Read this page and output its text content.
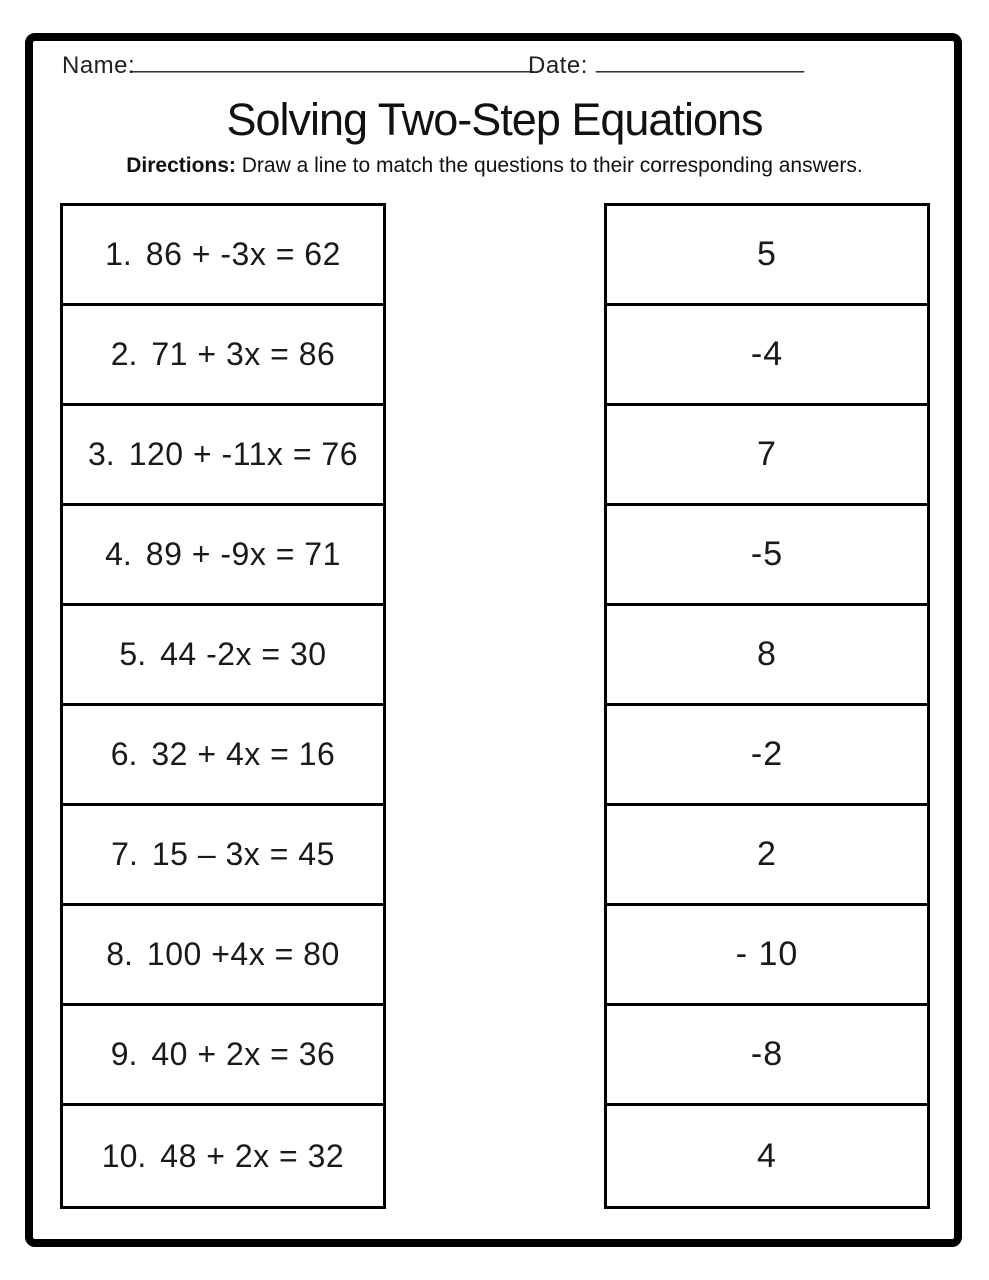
Name:
_________________________________
Date: _________________
Solving Two-Step Equations
Directions: Draw a line to match the questions to their corresponding answers.
1. 86 + -3x = 62
2. 71 + 3x = 86
3. 120 + -11x = 76
4. 89 + -9x = 71
5. 44 -2x = 30
6. 32 + 4x = 16
7. 15 – 3x = 45
8. 100 +4x = 80
9. 40 + 2x = 36
10. 48 + 2x = 32
5
-4
7
-5
8
-2
2
- 10
-8
4
